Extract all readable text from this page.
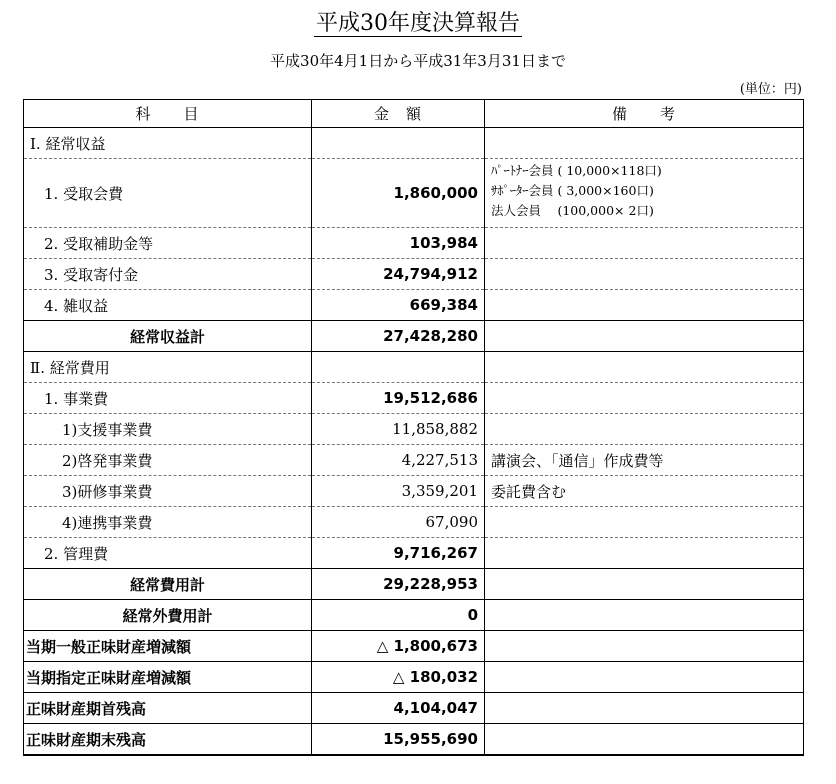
平成30年度決算報告
平成30年4月1日から平成31年3月31日まで
(単位：円)
科　　目	金　額	備　　考
Ⅰ. 経常収益		
1. 受取会費	1,860,000	ﾊﾟｰﾄﾅｰ会員 ( 10,000×118口)
ｻﾎﾟｰﾀｰ会員 ( 3,000×160口)
法人会員　 (100,000× 2口)

2. 受取補助金等	103,984	
3. 受取寄付金	24,794,912	
4. 雑収益	669,384	
経常収益計	27,428,280	
Ⅱ. 経常費用		
1. 事業費	19,512,686	
1)支援事業費	11,858,882	
2)啓発事業費	4,227,513	講演会、「通信」作成費等
3)研修事業費	3,359,201	委託費含む
4)連携事業費	67,090	
2. 管理費	9,716,267	
経常費用計	29,228,953	
経常外費用計	0	
当期一般正味財産増減額	△ 1,800,673	
当期指定正味財産増減額	△ 180,032	
正味財産期首残高	4,104,047	
正味財産期末残高	15,955,690	
